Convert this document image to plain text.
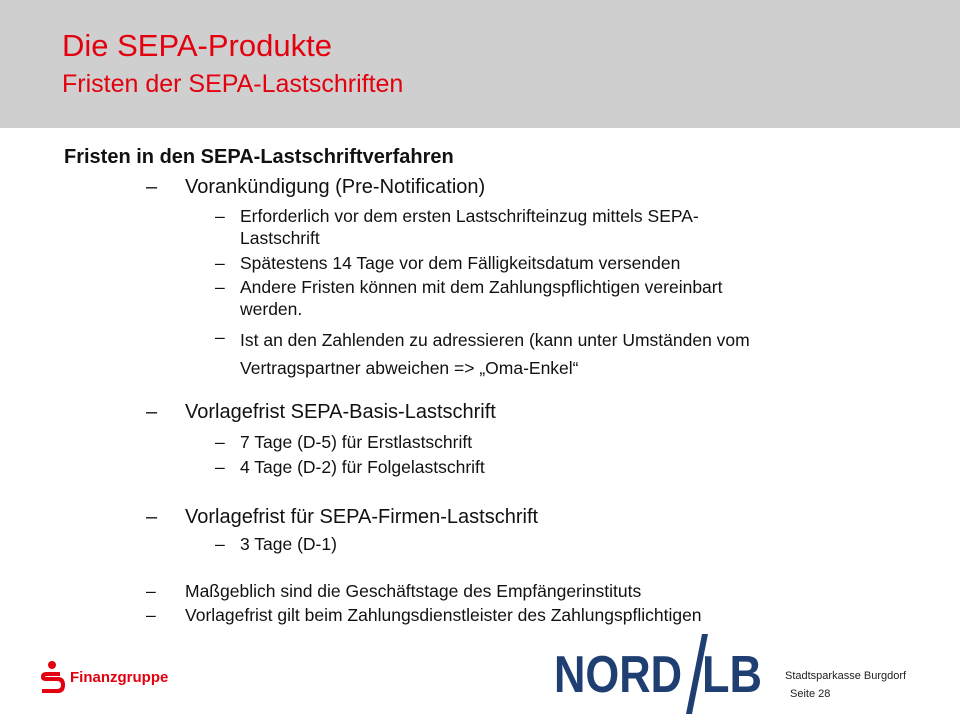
Die SEPA-Produkte
Fristen der SEPA-Lastschriften
Fristen in den SEPA-Lastschriftverfahren
– Vorankündigung (Pre-Notification)
– Erforderlich vor dem ersten Lastschrifteinzug mittels SEPA-
Lastschrift
– Spätestens 14 Tage vor dem Fälligkeitsdatum versenden
– Andere Fristen können mit dem Zahlungspflichtigen vereinbart
werden.
– Ist an den Zahlenden zu adressieren (kann unter Umständen vom
Vertragspartner abweichen => „Oma-Enkel“
– Vorlagefrist SEPA-Basis-Lastschrift
– 7 Tage (D-5) für Erstlastschrift
– 4 Tage (D-2) für Folgelastschrift
– Vorlagefrist für SEPA-Firmen-Lastschrift
– 3 Tage (D-1)
– Maßgeblich sind die Geschäftstage des Empfängerinstituts
– Vorlagefrist gilt beim Zahlungsdienstleister des Zahlungspflichtigen
Finanzgruppe	NORD LB Stadtsparkasse Burgdorf
Seite 28
